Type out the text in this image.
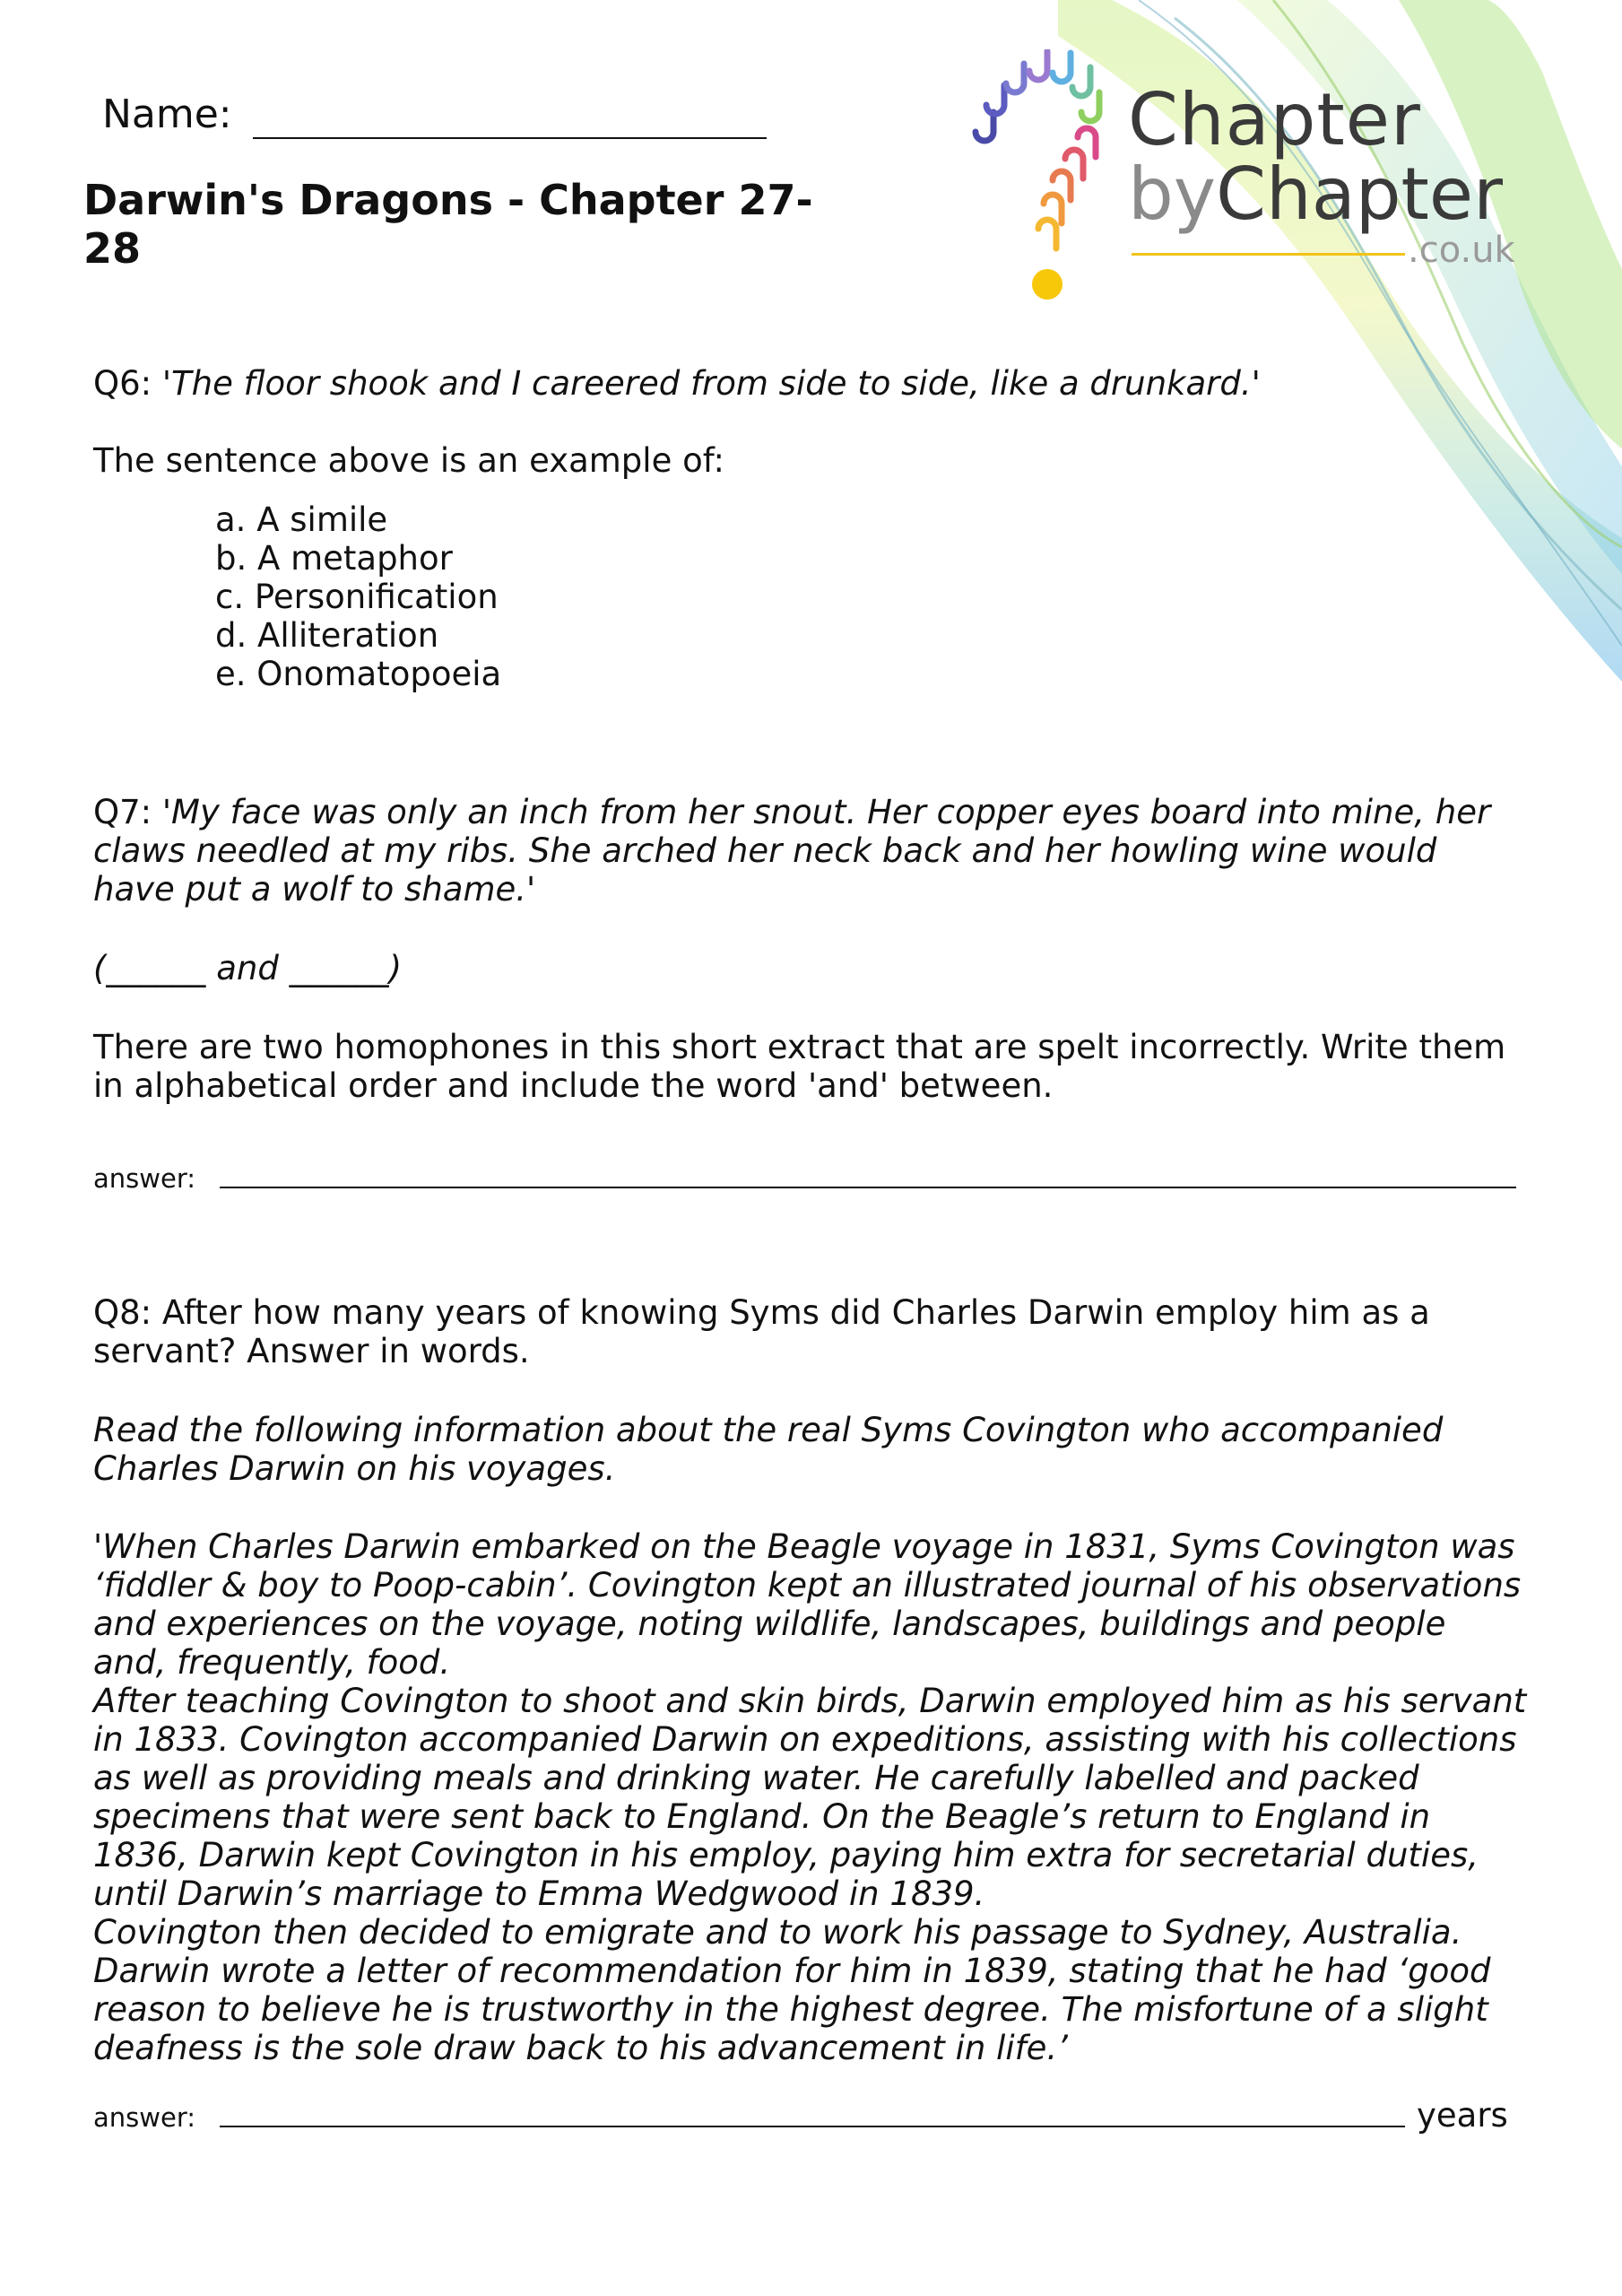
Name:
Darwin's Dragons - Chapter 27-28
Chapter
byChapter
.co.uk
Q6: 'The floor shook and I careered from side to side, like a drunkard.'
The sentence above is an example of:
a. A simile
b. A metaphor
c. Personification
d. Alliteration
e. Onomatopoeia
Q7: 'My face was only an inch from her snout. Her copper eyes board into mine, her claws needled at my ribs. She arched her neck back and her howling wine would have put a wolf to shame.'
(______ and ______)
There are two homophones in this short extract that are spelt incorrectly. Write them in alphabetical order and include the word 'and' between.
answer:
Q8: After how many years of knowing Syms did Charles Darwin employ him as a servant? Answer in words.
Read the following information about the real Syms Covington who accompanied Charles Darwin on his voyages.
'When Charles Darwin embarked on the Beagle voyage in 1831, Syms Covington was ‘fiddler & boy to Poop-cabin’. Covington kept an illustrated journal of his observations and experiences on the voyage, noting wildlife, landscapes, buildings and people and, frequently, food.
After teaching Covington to shoot and skin birds, Darwin employed him as his servant in 1833. Covington accompanied Darwin on expeditions, assisting with his collections as well as providing meals and drinking water. He carefully labelled and packed specimens that were sent back to England. On the Beagle’s return to England in 1836, Darwin kept Covington in his employ, paying him extra for secretarial duties, until Darwin’s marriage to Emma Wedgwood in 1839.
Covington then decided to emigrate and to work his passage to Sydney, Australia. Darwin wrote a letter of recommendation for him in 1839, stating that he had ‘good reason to believe he is trustworthy in the highest degree. The misfortune of a slight deafness is the sole draw back to his advancement in life.’
answer:	years
